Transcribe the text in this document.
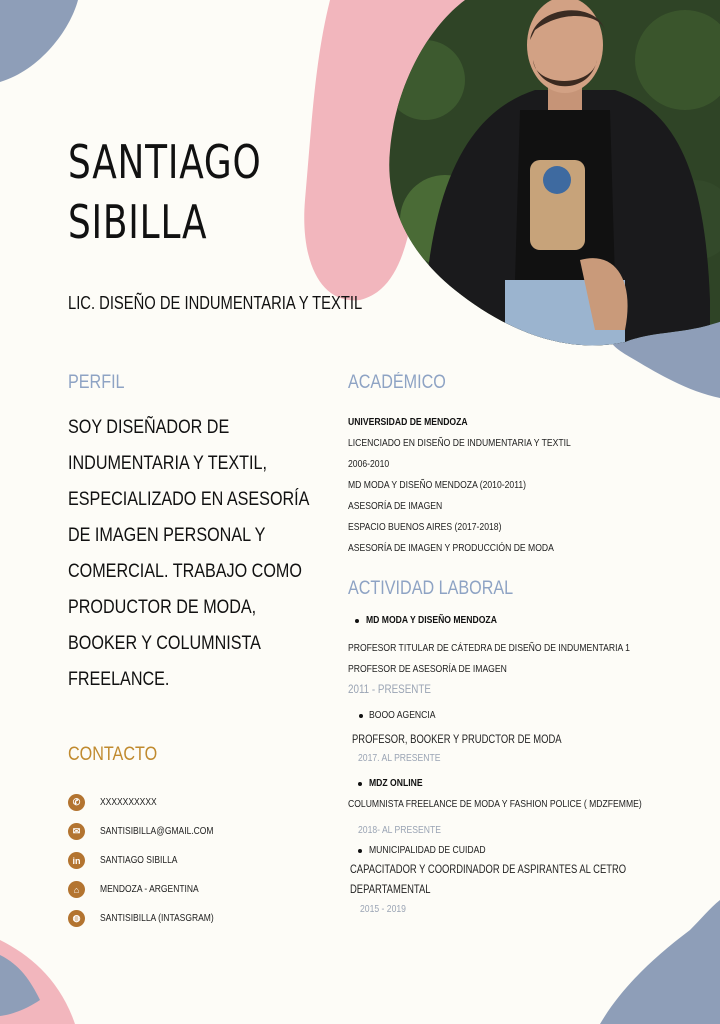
SANTIAGO
SIBILLA

LIC. DISEÑO DE INDUMENTARIA Y TEXTIL

PERFIL

SOY DISEÑADOR DE INDUMENTARIA Y TEXTIL, ESPECIALIZADO EN ASESORÍA DE IMAGEN PERSONAL Y COMERCIAL. TRABAJO COMO PRODUCTOR DE MODA, BOOKER Y COLUMNISTA FREELANCE.

CONTACTO
✆	XXXXXXXXXX
✉	SANTISIBILLA@GMAIL.COM
in	SANTIAGO SIBILLA
⌂	MENDOZA - ARGENTINA
◍	SANTISIBILLA (INTASGRAM)
ACADÉMICO
UNIVERSIDAD DE MENDOZA
LICENCIADO EN DISEÑO DE INDUMENTARIA Y TEXTIL
2006-2010
MD MODA Y DISEÑO MENDOZA (2010-2011)
ASESORÍA DE IMAGEN
ESPACIO BUENOS AIRES (2017-2018)
ASESORÍA DE IMAGEN Y PRODUCCIÓN DE MODA
ACTIVIDAD LABORAL
MD MODA Y DISEÑO MENDOZA
PROFESOR TITULAR DE CÁTEDRA DE DISEÑO DE INDUMENTARIA 1
PROFESOR DE ASESORÍA DE IMAGEN
2011 - PRESENTE
BOOO AGENCIA
PROFESOR, BOOKER Y PRUDCTOR DE MODA
2017. AL PRESENTE
MDZ ONLINE
COLUMNISTA FREELANCE DE MODA Y FASHION POLICE ( MDZFEMME)
2018- AL PRESENTE
MUNICIPALIDAD DE CUIDAD
CAPACITADOR Y COORDINADOR DE ASPIRANTES AL CETRO
DEPARTAMENTAL
2015 - 2019
